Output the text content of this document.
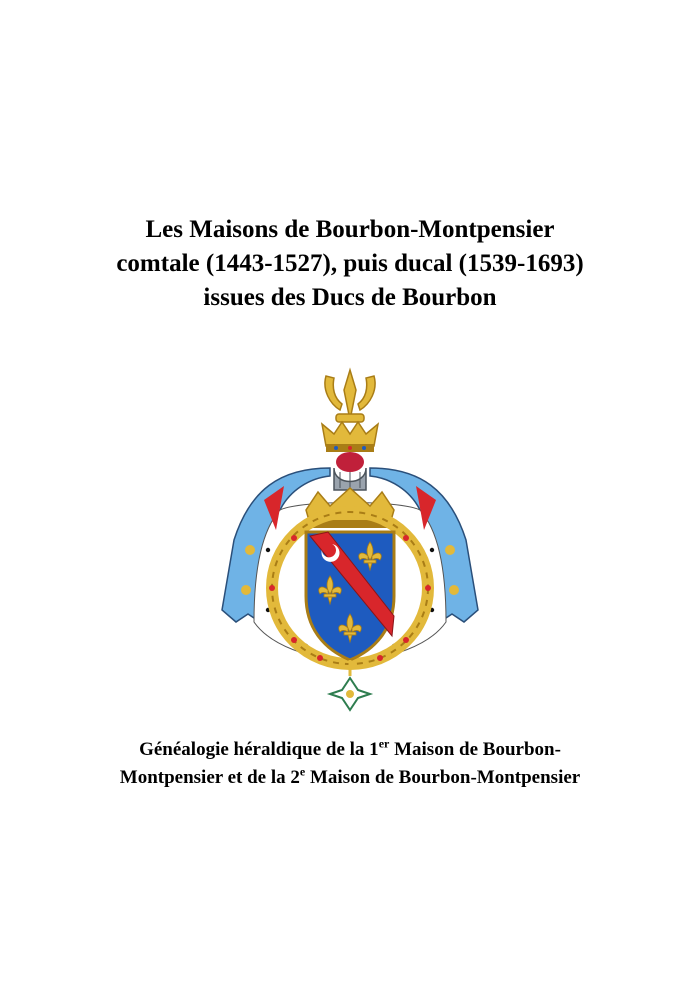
Les Maisons de Bourbon-Montpensier
comtale (1443-1527), puis ducal (1539-1693)
issues des Ducs de Bourbon
Généalogie héraldique de la 1er Maison de Bourbon-
Montpensier et de la 2e Maison de Bourbon-Montpensier
